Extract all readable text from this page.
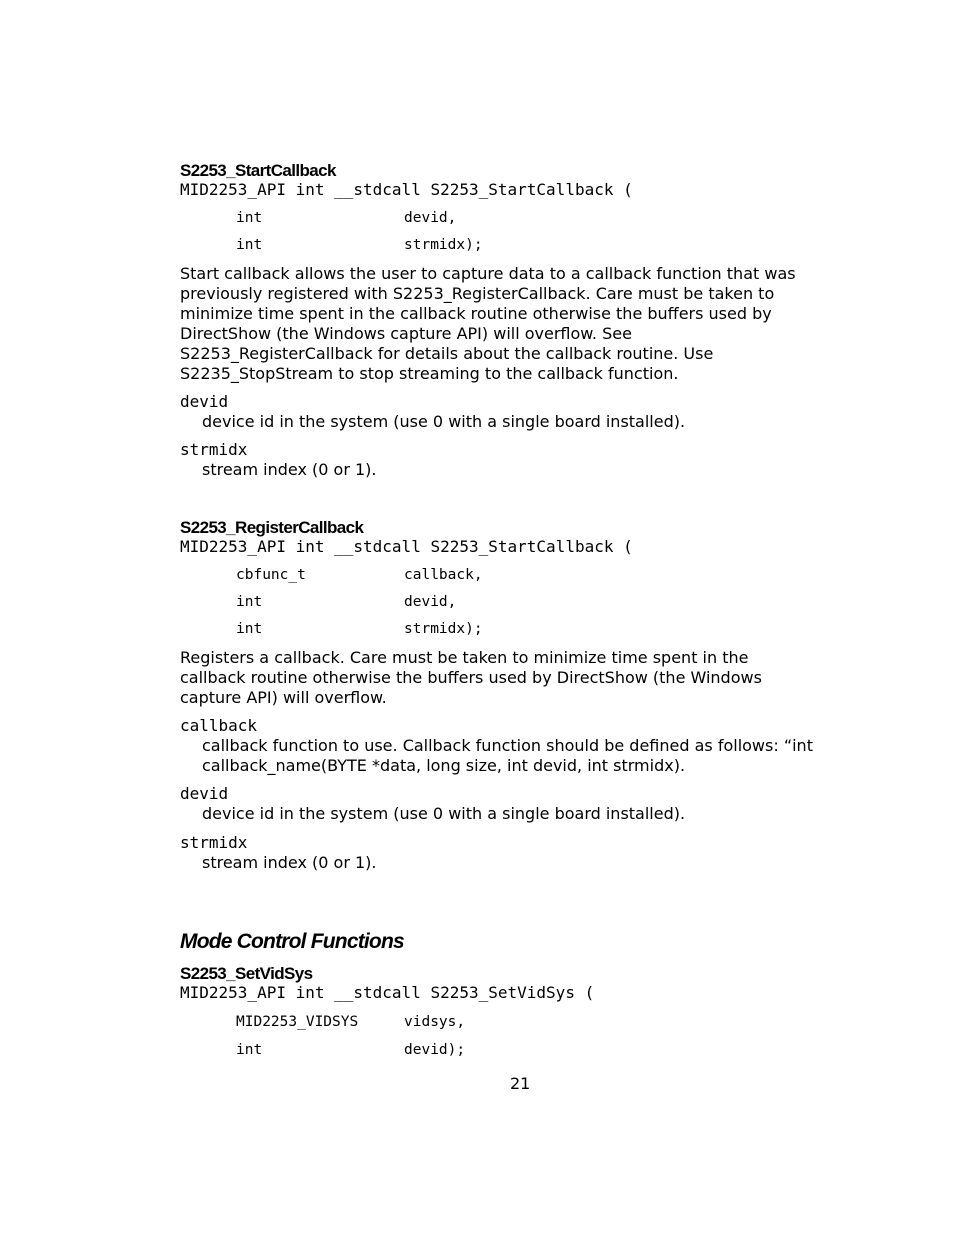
S2253_StartCallback
MID2253_API int __stdcall S2253_StartCallback (
int	devid,
int	strmidx);
Start callback allows the user to capture data to a callback function that was
previously registered with S2253_RegisterCallback. Care must be taken to
minimize time spent in the callback routine otherwise the buffers used by
DirectShow (the Windows capture API) will overflow. See
S2253_RegisterCallback for details about the callback routine. Use
S2235_StopStream to stop streaming to the callback function.
devid
device id in the system (use 0 with a single board installed).
strmidx
stream index (0 or 1).
S2253_RegisterCallback
MID2253_API int __stdcall S2253_StartCallback (
cbfunc_t	callback,
int	devid,
int	strmidx);
Registers a callback. Care must be taken to minimize time spent in the
callback routine otherwise the buffers used by DirectShow (the Windows
capture API) will overflow.
callback
callback function to use. Callback function should be defined as follows: “int
callback_name(BYTE *data, long size, int devid, int strmidx).
devid
device id in the system (use 0 with a single board installed).
strmidx
stream index (0 or 1).
Mode Control Functions
S2253_SetVidSys
MID2253_API int __stdcall S2253_SetVidSys (
MID2253_VIDSYS	vidsys,
int	devid);
21
